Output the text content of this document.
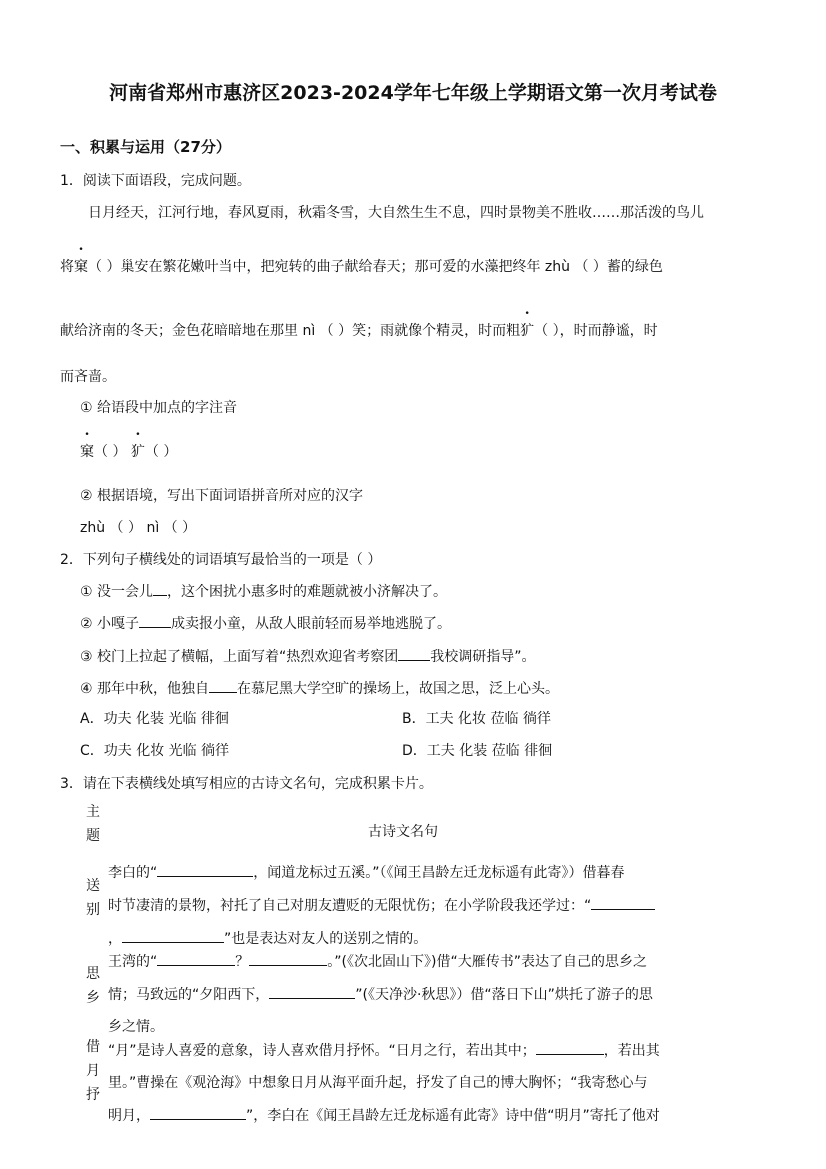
河南省郑州市惠济区2023-2024学年七年级上学期语文第一次月考试卷
一、积累与运用（27分）
1．阅读下面语段，完成问题。
日月经天，江河行地，春风夏雨，秋霜冬雪，大自然生生不息，四时景物美不胜收……那活泼的鸟儿
将窠（ ）巢安在繁花嫩叶当中，把宛转的曲子献给春天；那可爱的水藻把终年 zhù （ ）蓄的绿色
献给济南的冬天；金色花暗暗地在那里 nì （ ）笑；雨就像个精灵，时而粗犷（ ），时而静谧，时
而吝啬。
① 给语段中加点的字注音
窠（ ） 犷（ ）
② 根据语境，写出下面词语拼音所对应的汉字
zhù （ ） nì （ ）
2．下列句子横线处的词语填写最恰当的一项是（ ）
① 没一会儿 ，这个困扰小惠多时的难题就被小济解决了。
② 小嘎子 成卖报小童，从敌人眼前轻而易举地逃脱了。
③ 校门上拉起了横幅，上面写着“热烈欢迎省考察团 我校调研指导”。
④ 那年中秋，他独自 在慕尼黑大学空旷的操场上，故国之思，泛上心头。
A．功夫 化装 光临 徘徊	B．工夫 化妆 莅临 徜徉
C．功夫 化妆 光临 徜徉	D．工夫 化装 莅临 徘徊
3．请在下表横线处填写相应的古诗文名句，完成积累卡片。
主题	古诗文名句
送别
李白的“	，闻道龙标过五溪。”（《闻王昌龄左迁龙标遥有此寄》）借暮春
时节凄清的景物，衬托了自己对朋友遭贬的无限忧伤；在小学阶段我还学过：“
，	”也是表达对友人的送别之情的。
思乡
王湾的“	？	。”(《次北固山下》)借“大雁传书”表达了自己的思乡之
情；马致远的“夕阳西下，	”(《天净沙·秋思》）借“落日下山”烘托了游子的思
乡之情。
借月抒
“月”是诗人喜爱的意象，诗人喜欢借月抒怀。“日月之行，若出其中；	，若出其
里。”曹操在《观沧海》中想象日月从海平面升起，抒发了自己的博大胸怀；“我寄愁心与
明月，	”，李白在《闻王昌龄左迁龙标遥有此寄》诗中借“明月”寄托了他对
